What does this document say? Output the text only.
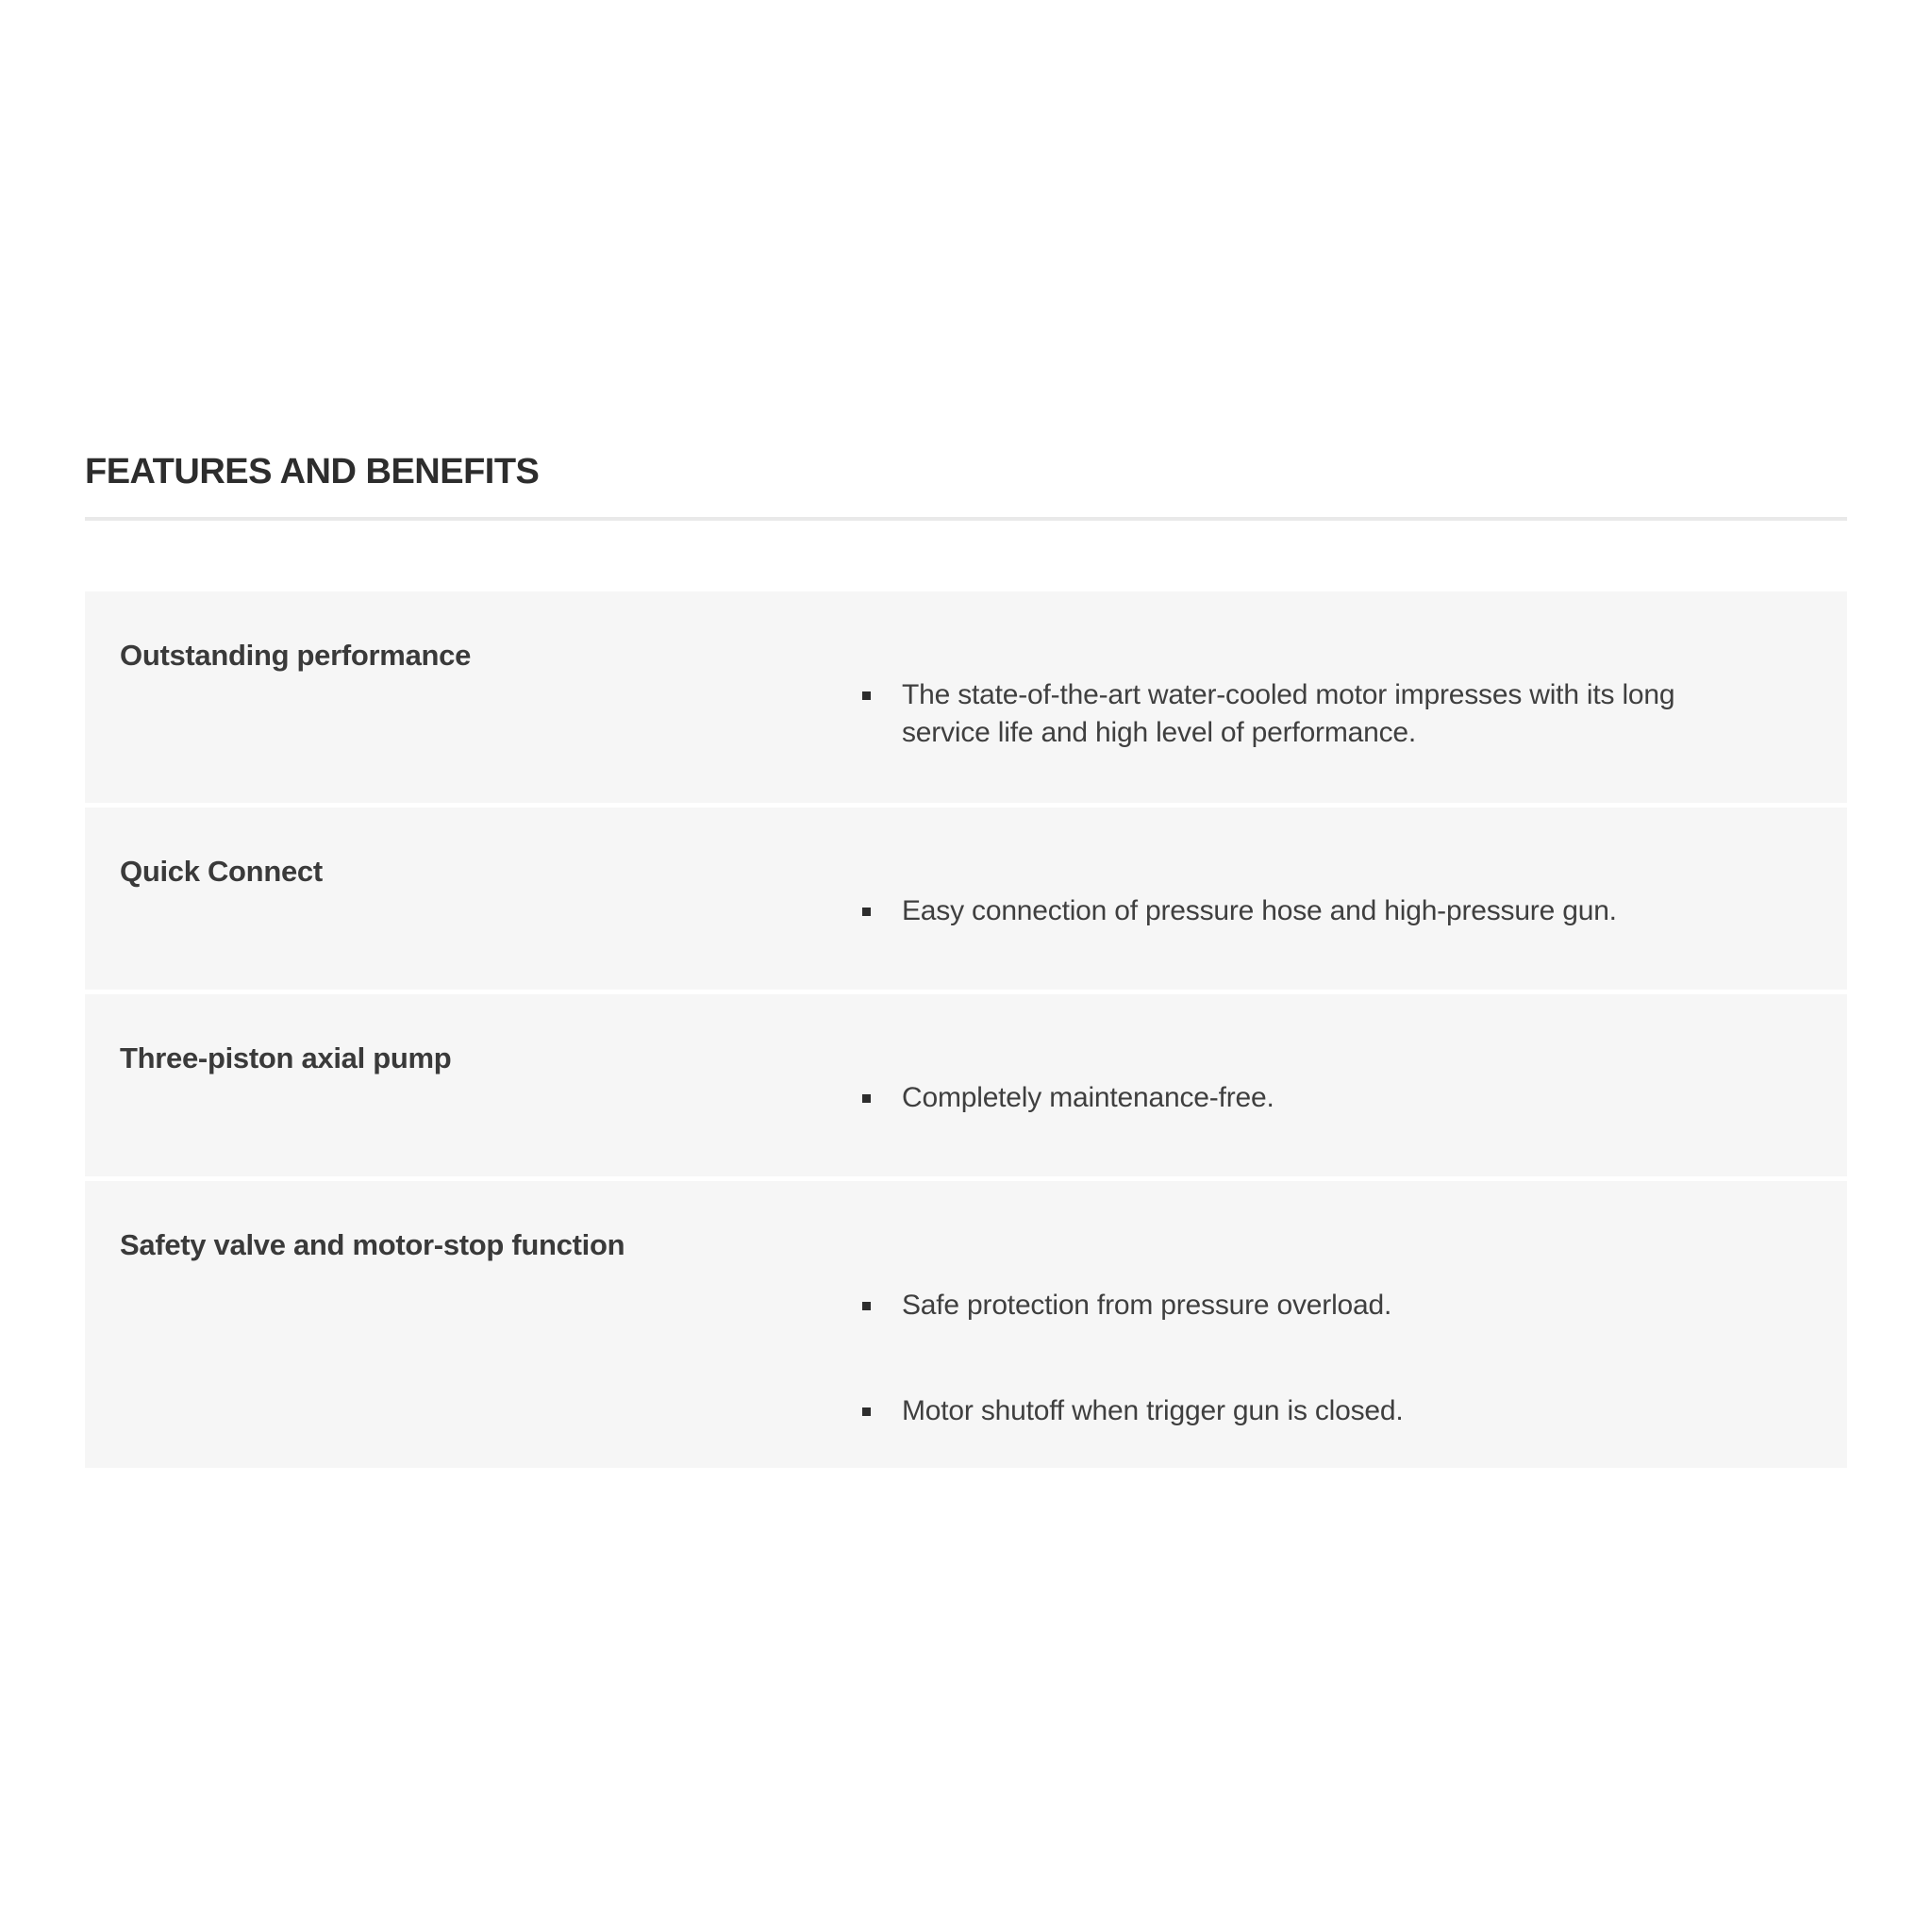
FEATURES AND BENEFITS
Outstanding performance
The state-of-the-art water-cooled motor impresses with its long service life and high level of performance.
Quick Connect
Easy connection of pressure hose and high-pressure gun.
Three-piston axial pump
Completely maintenance-free.
Safety valve and motor-stop function
Safe protection from pressure overload.
Motor shutoff when trigger gun is closed.
